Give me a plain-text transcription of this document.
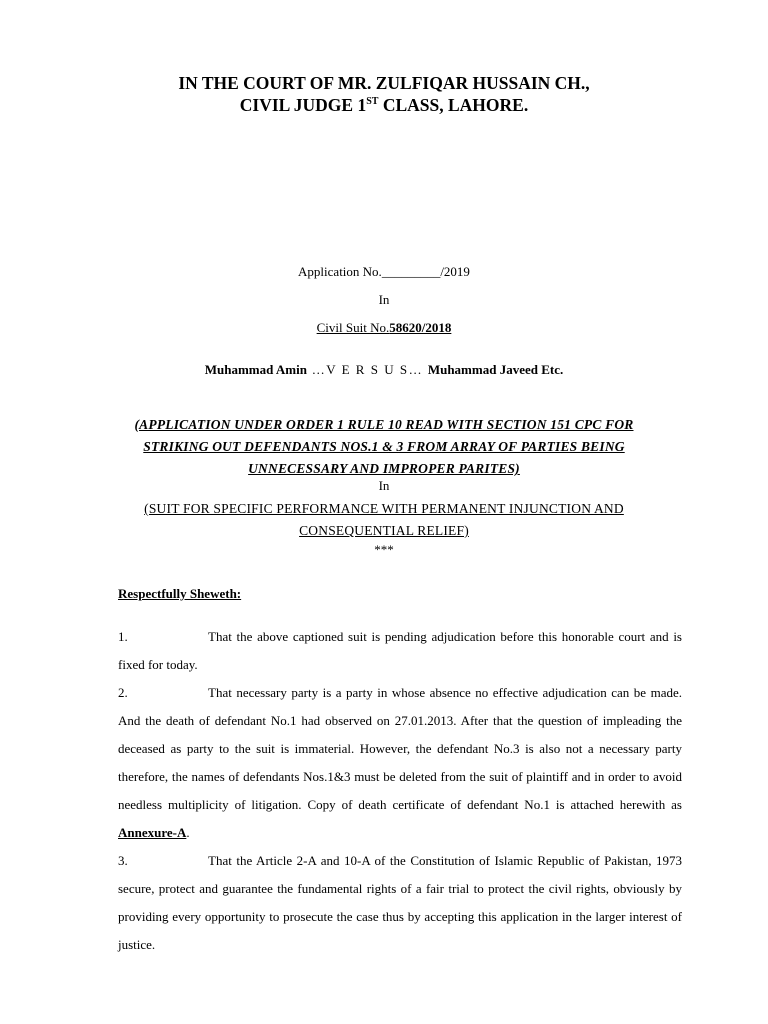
IN THE COURT OF MR. ZULFIQAR HUSSAIN CH.,
CIVIL JUDGE 1ST CLASS, LAHORE.
Application No._________/2019
In
Civil Suit No.58620/2018
Muhammad Amin …V E R S U S… Muhammad Javeed Etc.
(APPLICATION UNDER ORDER 1 RULE 10 READ WITH SECTION 151 CPC FOR
STRIKING OUT DEFENDANTS NOS.1 & 3 FROM ARRAY OF PARTIES BEING
UNNECESSARY AND IMPROPER PARITES)
In
(SUIT FOR SPECIFIC PERFORMANCE WITH PERMANENT INJUNCTION AND
CONSEQUENTIAL RELIEF)
***
Respectfully Sheweth:
1.	That the above captioned suit is pending adjudication before this honorable court and is fixed for today.
2.	That necessary party is a party in whose absence no effective adjudication can be made. And the death of defendant No.1 had observed on 27.01.2013. After that the question of impleading the deceased as party to the suit is immaterial. However, the defendant No.3 is also not a necessary party therefore, the names of defendants Nos.1&3 must be deleted from the suit of plaintiff and in order to avoid needless multiplicity of litigation. Copy of death certificate of defendant No.1 is attached herewith as Annexure-A.
3.	That the Article 2-A and 10-A of the Constitution of Islamic Republic of Pakistan, 1973 secure, protect and guarantee the fundamental rights of a fair trial to protect the civil rights, obviously by providing every opportunity to prosecute the case thus by accepting this application in the larger interest of justice.
